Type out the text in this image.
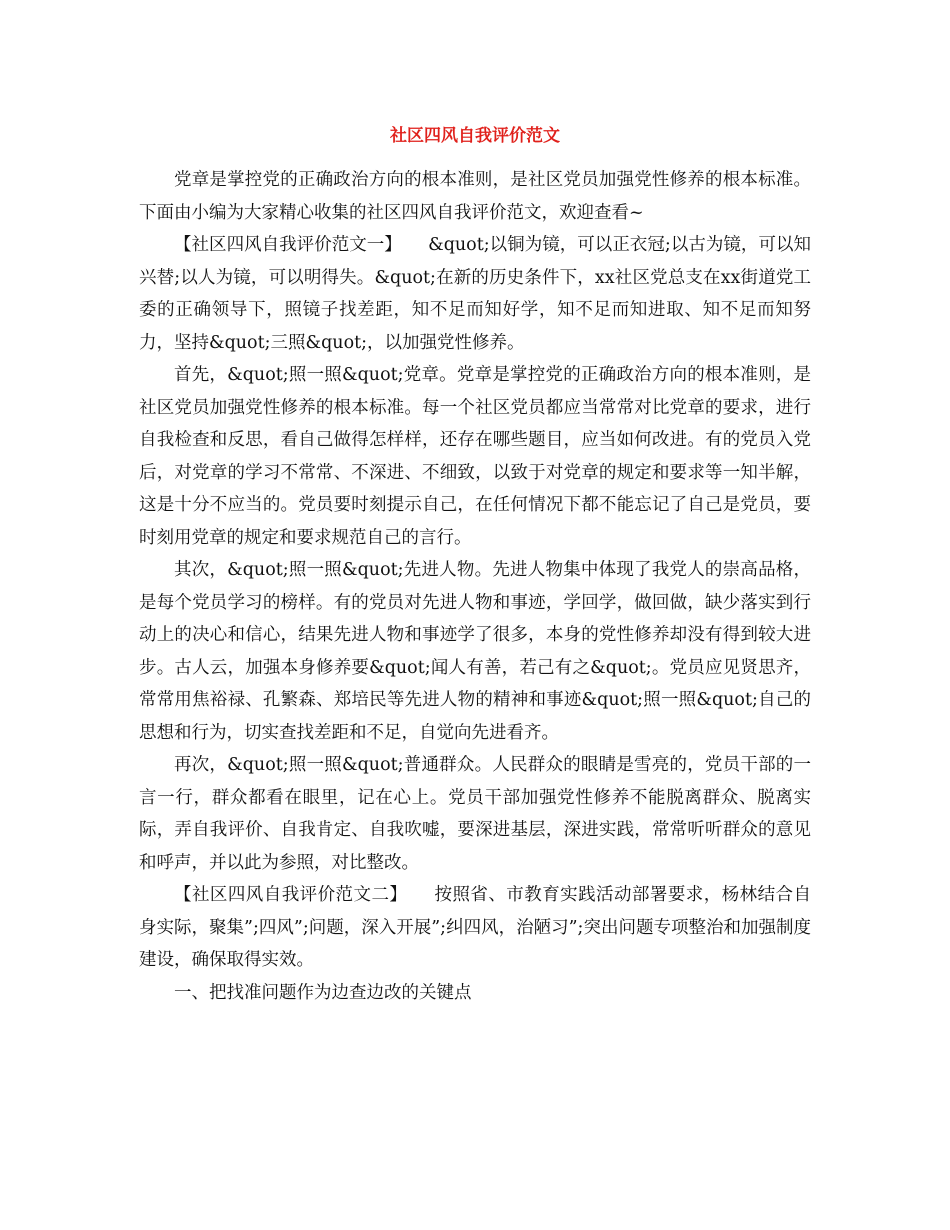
社区四风自我评价范文

党章是掌控党的正确政治方向的根本准则，是社区党员加强党性修养的根本标准。下面由小编为大家精心收集的社区四风自我评价范文，欢迎查看~

【社区四风自我评价范文一】　　&quot;以铜为镜，可以正衣冠;以古为镜，可以知兴替;以人为镜，可以明得失。&quot;在新的历史条件下，xx社区党总支在xx街道党工委的正确领导下，照镜子找差距，知不足而知好学，知不足而知进取、知不足而知努力，坚持&quot;三照&quot;，以加强党性修养。

首先，&quot;照一照&quot;党章。党章是掌控党的正确政治方向的根本准则，是社区党员加强党性修养的根本标准。每一个社区党员都应当常常对比党章的要求，进行自我检查和反思，看自己做得怎样样，还存在哪些题目，应当如何改进。有的党员入党后，对党章的学习不常常、不深进、不细致，以致于对党章的规定和要求等一知半解，这是十分不应当的。党员要时刻提示自己，在任何情况下都不能忘记了自己是党员，要时刻用党章的规定和要求规范自己的言行。

其次，&quot;照一照&quot;先进人物。先进人物集中体现了我党人的崇高品格，是每个党员学习的榜样。有的党员对先进人物和事迹，学回学，做回做，缺少落实到行动上的决心和信心，结果先进人物和事迹学了很多，本身的党性修养却没有得到较大进步。古人云，加强本身修养要&quot;闻人有善，若己有之&quot;。党员应见贤思齐，常常用焦裕禄、孔繁森、郑培民等先进人物的精神和事迹&quot;照一照&quot;自己的思想和行为，切实查找差距和不足，自觉向先进看齐。

再次，&quot;照一照&quot;普通群众。人民群众的眼睛是雪亮的，党员干部的一言一行，群众都看在眼里，记在心上。党员干部加强党性修养不能脱离群众、脱离实际，弄自我评价、自我肯定、自我吹嘘，要深进基层，深进实践，常常听听群众的意见和呼声，并以此为参照，对比整改。

【社区四风自我评价范文二】　　按照省、市教育实践活动部署要求，杨林结合自身实际，聚集”;四风”;问题，深入开展”;纠四风，治陋习”;突出问题专项整治和加强制度建设，确保取得实效。

一、把找准问题作为边查边改的关键点
